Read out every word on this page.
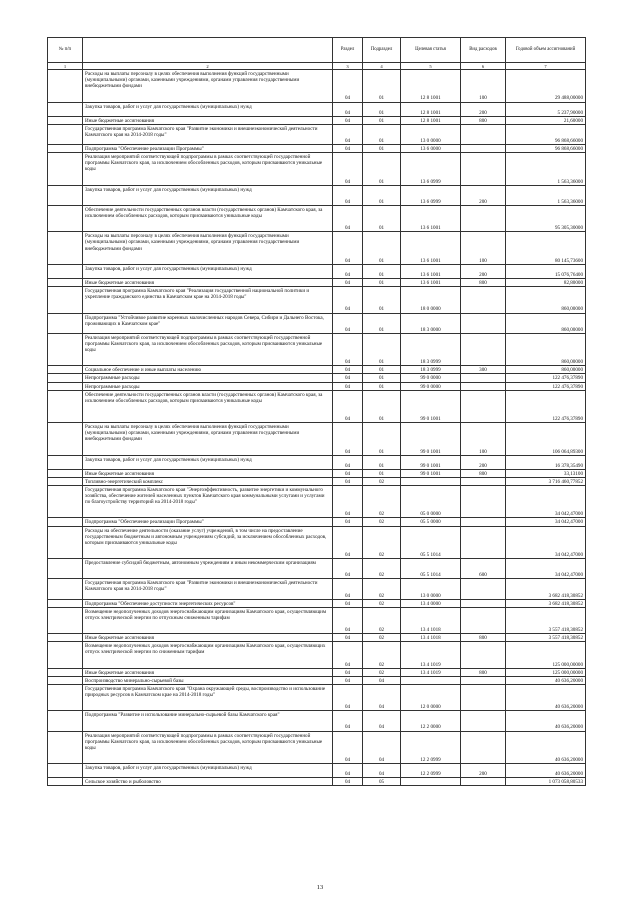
№ п/п		Раздел	Подраздел	Целевая статья	Вид расходов	Годовой объем ассигнований
1	2	3	4	5	6	7
	Расходы на выплаты персоналу в целях обеспечения выполнения функций государственными (муниципальными) органами, казенными учреждениями, органами управления государственными внебюджетными фондами	04	01	12 8 1001	100	29 488,00000
	Закупка товаров, работ и услуг для государственных (муниципальных) нужд	04	01	12 8 1001	200	5 237,90000
	Иные бюджетные ассигнования	04	01	12 8 1001	800	21,60000
	Государственная программа Камчатского края "Развитие экономики и внешнеэкономической деятельности Камчатского края на 2014-2018 годы"	04	01	13 0 0000		96 868,66000
	Подпрограмма "Обеспечение реализации Программы"	04	01	13 6 0000		96 868,66000
	Реализация мероприятий соответствующей подпрограммы в рамках соответствующей государственной программы Камчатского края, за исключением обособленных расходов, которым присваиваются уникальные коды	04	01	13 6 0999		1 563,36000
	Закупка товаров, работ и услуг для государственных (муниципальных) нужд	04	01	13 6 0999	200	1 563,36000
	Обеспечение деятельности государственных органов власти (государственных органов) Камчатского края, за исключением обособленных расходов, которым присваиваются уникальные коды	04	01	13 6 1001		95 305,30000
	Расходы на выплаты персоналу в целях обеспечения выполнения функций государственными (муниципальными) органами, казенными учреждениями, органами управления государственными внебюджетными фондами	04	01	13 6 1001	100	80 145,73600
	Закупка товаров, работ и услуг для государственных (муниципальных) нужд	04	01	13 6 1001	200	15 076,76400
	Иные бюджетные ассигнования	04	01	13 6 1001	800	82,80000
	Государственная программа Камчатского края "Реализация государственной национальной политики и укрепление гражданского единства в Камчатском крае на 2014-2018 годы"	04	01	18 0 0000		860,00000
	Подпрограмма "Устойчивое развитие коренных малочисленных народов Севера, Сибири и Дальнего Востока, проживающих в Камчатском крае"	04	01	18 3 0000		860,00000
	Реализация мероприятий соответствующей подпрограммы в рамках соответствующей государственной программы Камчатского края, за исключением обособленных расходов, которым присваиваются уникальные коды	04	01	18 3 0999		860,00000
	Социальное обеспечение и иные выплаты населению	04	01	18 3 0999	300	860,00000
	Непрограммные расходы	04	01	99 0 0000		122 476,37890
	Непрограммные расходы	04	01	99 0 0000		122 476,37890
	Обеспечение деятельности государственных органов власти (государственных органов) Камчатского края, за исключением обособленных расходов, которым присваиваются уникальные коды	04	01	99 0 1001		122 476,37890
	Расходы на выплаты персоналу в целях обеспечения выполнения функций государственными (муниципальными) органами, казенными учреждениями, органами управления государственными внебюджетными фондами	04	01	99 0 1001	100	106 064,89300
	Закупка товаров, работ и услуг для государственных (муниципальных) нужд	04	01	99 0 1001	200	16 378,35490
	Иные бюджетные ассигнования	04	01	99 0 1001	800	33,13100
	Топливно-энергетический комплекс	04	02			3 716 460,77852
	Государственная программа Камчатского края "Энергоэффективность, развитие энергетики и коммунального хозяйства, обеспечение жителей населенных пунктов Камчатского края коммунальными услугами и услугами по благоустройству территорий на 2014-2018 годы"	04	02	05 0 0000		34 042,47000
	Подпрограмма "Обеспечение реализации Программы"	04	02	05 5 0000		34 042,47000
	Расходы на обеспечение деятельности (оказание услуг) учреждений, в том числе на предоставление государственным бюджетным и автономным учреждениям субсидий, за исключением обособленных расходов, которым присваиваются уникальные коды	04	02	05 5 1014		34 042,47000
	Предоставление субсидий бюджетным, автономным учреждениям и иным некоммерческим организациям	04	02	05 5 1014	600	34 042,47000
	Государственная программа Камчатского края "Развитие экономики и внешнеэкономической деятельности Камчатского края на 2014-2018 годы"	04	02	13 0 0000		3 682 418,30852
	Подпрограмма "Обеспечение доступности энергетических ресурсов"	04	02	13 4 0000		3 682 418,30852
	Возмещение недополученных доходов энергоснабжающим организациям Камчатского края, осуществляющим отпуск электрической энергии по отпускным сниженным тарифам	04	02	13 4 1018		3 557 418,30852
	Иные бюджетные ассигнования	04	02	13 4 1018	800	3 557 418,30852
	Возмещение недополученных доходов энергоснабжающим организациям Камчатского края, осуществляющих отпуск электрической энергии по сниженным тарифам	04	02	13 4 1019		125 000,00000
	Иные бюджетные ассигнования	04	02	13 4 1019	800	125 000,00000
	Воспроизводство минерально-сырьевой базы	04	04			40 636,20000
	Государственная программа Камчатского края "Охрана окружающей среды, воспроизводство и использование природных ресурсов в Камчатском крае на 2014-2018 годы"	04	04	12 0 0000		40 636,20000
	Подпрограмма "Развитие и использование минерально-сырьевой базы Камчатского края"	04	04	12 2 0000		40 636,20000
	Реализация мероприятий соответствующей подпрограммы в рамках соответствующей государственной программы Камчатского края, за исключением обособленных расходов, которым присваиваются уникальные коды	04	04	12 2 0999		40 636,20000
	Закупка товаров, работ и услуг для государственных (муниципальных) нужд	04	04	12 2 0999	200	40 636,20000
	Сельское хозяйство и рыболовство	04	05			1 073 058,80533
13
